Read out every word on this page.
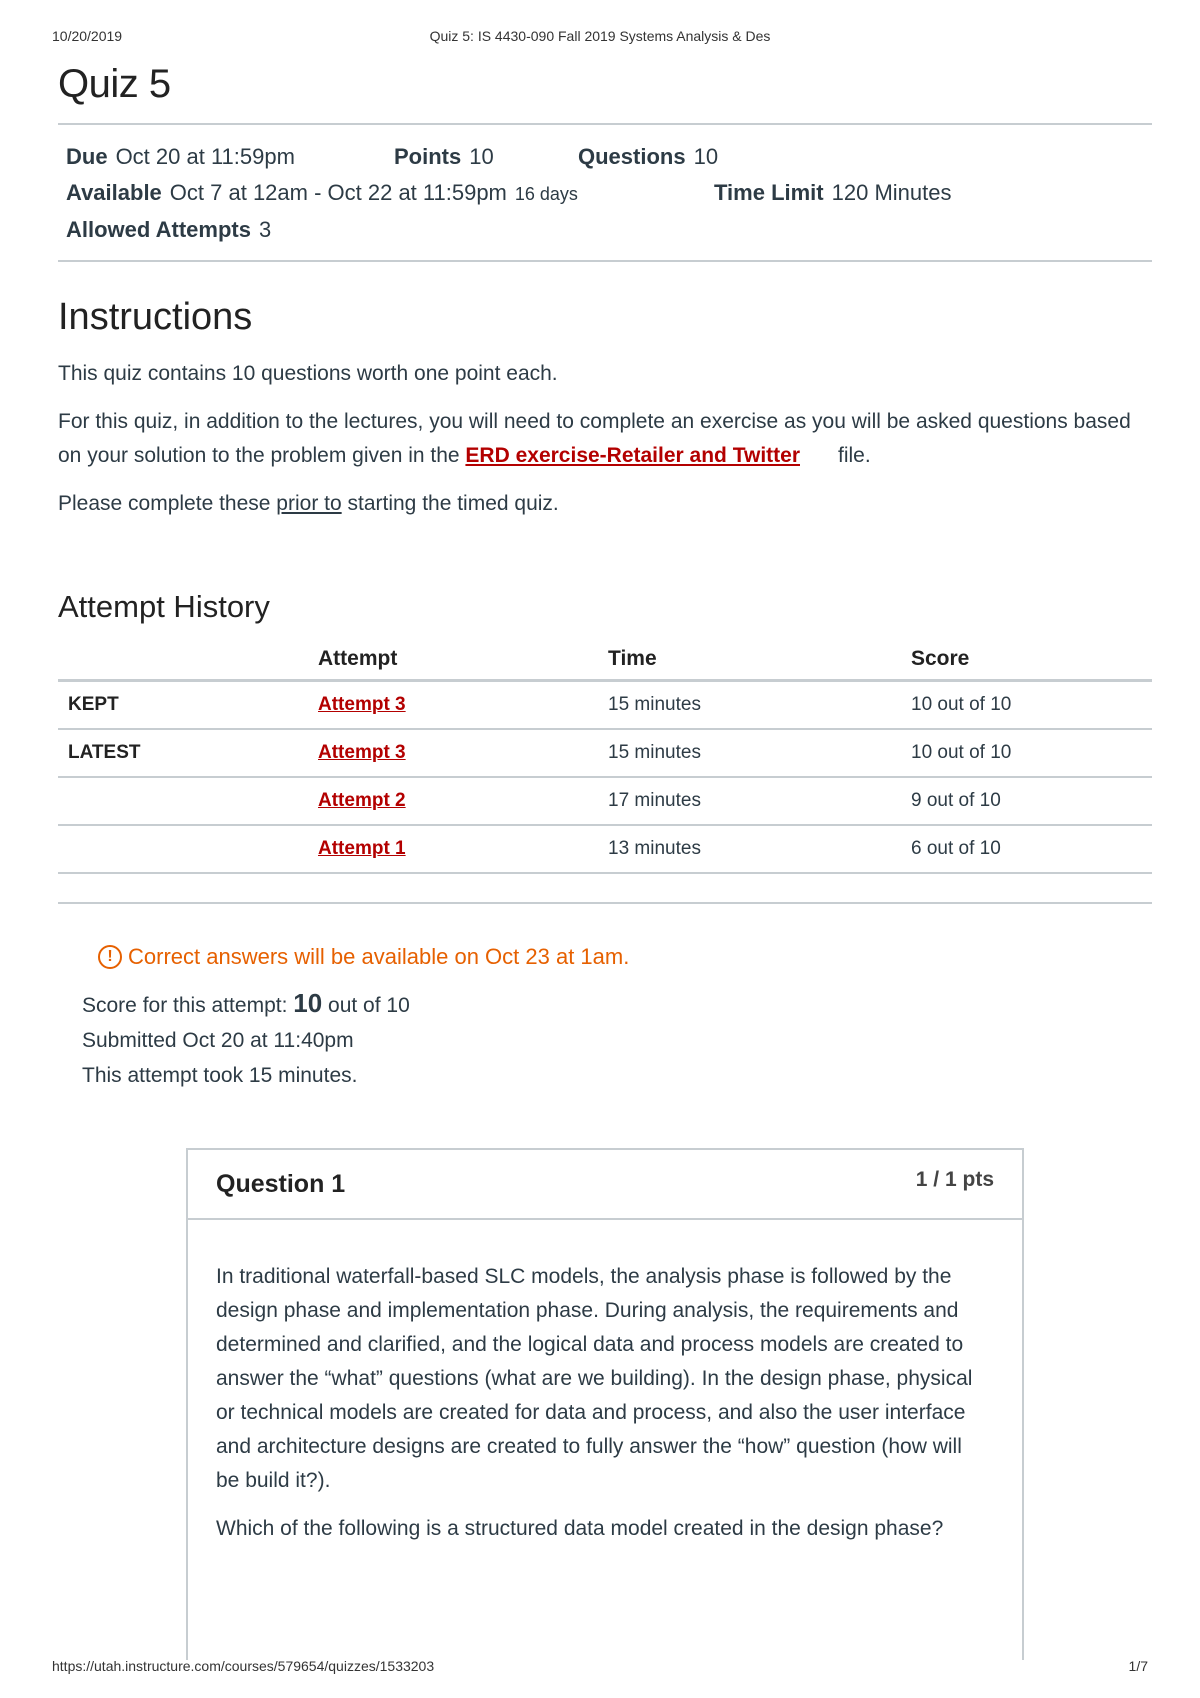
10/20/2019	Quiz 5: IS 4430-090 Fall 2019 Systems Analysis & Des
Quiz 5
Due Oct 20 at 11:59pm	Points 10	Questions 10
Available Oct 7 at 12am - Oct 22 at 11:59pm 16 days	Time Limit 120 Minutes
Allowed Attempts 3
Instructions

This quiz contains 10 questions worth one point each.

For this quiz, in addition to the lectures, you will need to complete an exercise as you will be asked questions based on your solution to the problem given in the ERD exercise-Retailer and Twitter file.

Please complete these prior to starting the timed quiz.

Attempt History
	Attempt	Time	Score
KEPT	Attempt 3	15 minutes	10 out of 10
LATEST	Attempt 3	15 minutes	10 out of 10
	Attempt 2	17 minutes	9 out of 10
	Attempt 1	13 minutes	6 out of 10
! Correct answers will be available on Oct 23 at 1am.
Score for this attempt: 10 out of 10
Submitted Oct 20 at 11:40pm
This attempt took 15 minutes.
Question 1	1 / 1 pts

In traditional waterfall-based SLC models, the analysis phase is followed by the design phase and implementation phase. During analysis, the requirements and determined and clarified, and the logical data and process models are created to answer the “what” questions (what are we building). In the design phase, physical or technical models are created for data and process, and also the user interface and architecture designs are created to fully answer the “how” question (how will be build it?).

Which of the following is a structured data model created in the design phase?

https://utah.instructure.com/courses/579654/quizzes/1533203	1/7
